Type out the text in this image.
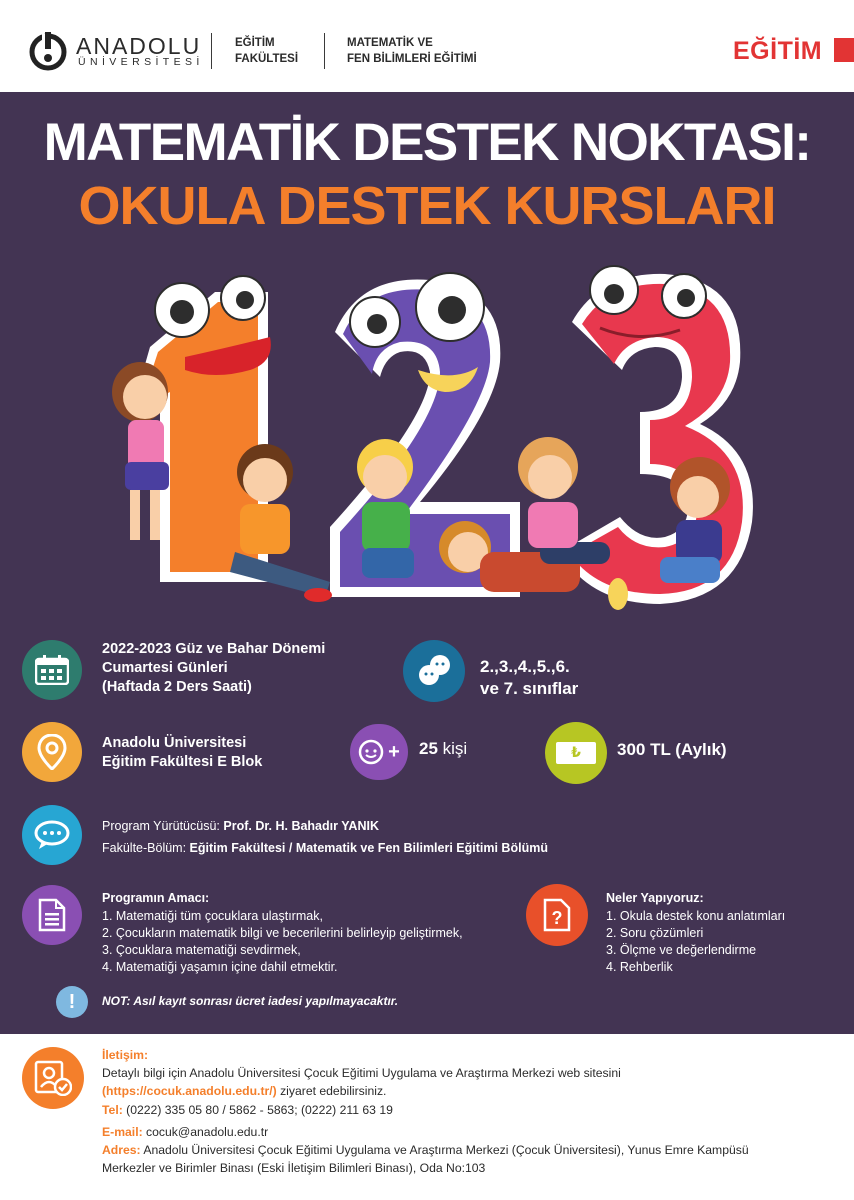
ANADOLU
ÜNİVERSİTESİ
EĞİTİM
FAKÜLTESİ
MATEMATİK VE
FEN BİLİMLERİ EĞİTİMİ	EĞİTİM
MATEMATİK DESTEK NOKTASI:
OKULA DESTEK KURSLARI
2022-2023 Güz ve Bahar Dönemi
Cumartesi Günleri
(Haftada 2 Ders Saati)
2.,3.,4.,5.,6.
ve 7. sınıflar
Anadolu Üniversitesi
Eğitim Fakültesi E Blok	+ 25 kişi	₺ 300 TL (Aylık)
Program Yürütücüsü: Prof. Dr. H. Bahadır YANIK
Fakülte-Bölüm: Eğitim Fakültesi / Matematik ve Fen Bilimleri Eğitimi Bölümü
Programın Amacı:
1. Matematiği tüm çocuklara ulaştırmak,
2. Çocukların matematik bilgi ve becerilerini belirleyip geliştirmek,
3. Çocuklara matematiği sevdirmek,
4. Matematiği yaşamın içine dahil etmektir.
?
Neler Yapıyoruz:
1. Okula destek konu anlatımları
2. Soru çözümleri
3. Ölçme ve değerlendirme
4. Rehberlik
! NOT: Asıl kayıt sonrası ücret iadesi yapılmayacaktır.
İletişim:
Detaylı bilgi için Anadolu Üniversitesi Çocuk Eğitimi Uygulama ve Araştırma Merkezi web sitesini
(https://cocuk.anadolu.edu.tr/) ziyaret edebilirsiniz.
Tel: (0222) 335 05 80 / 5862 - 5863; (0222) 211 63 19
E-mail: cocuk@anadolu.edu.tr
Adres: Anadolu Üniversitesi Çocuk Eğitimi Uygulama ve Araştırma Merkezi (Çocuk Üniversitesi), Yunus Emre Kampüsü
Merkezler ve Birimler Binası (Eski İletişim Bilimleri Binası), Oda No:103
